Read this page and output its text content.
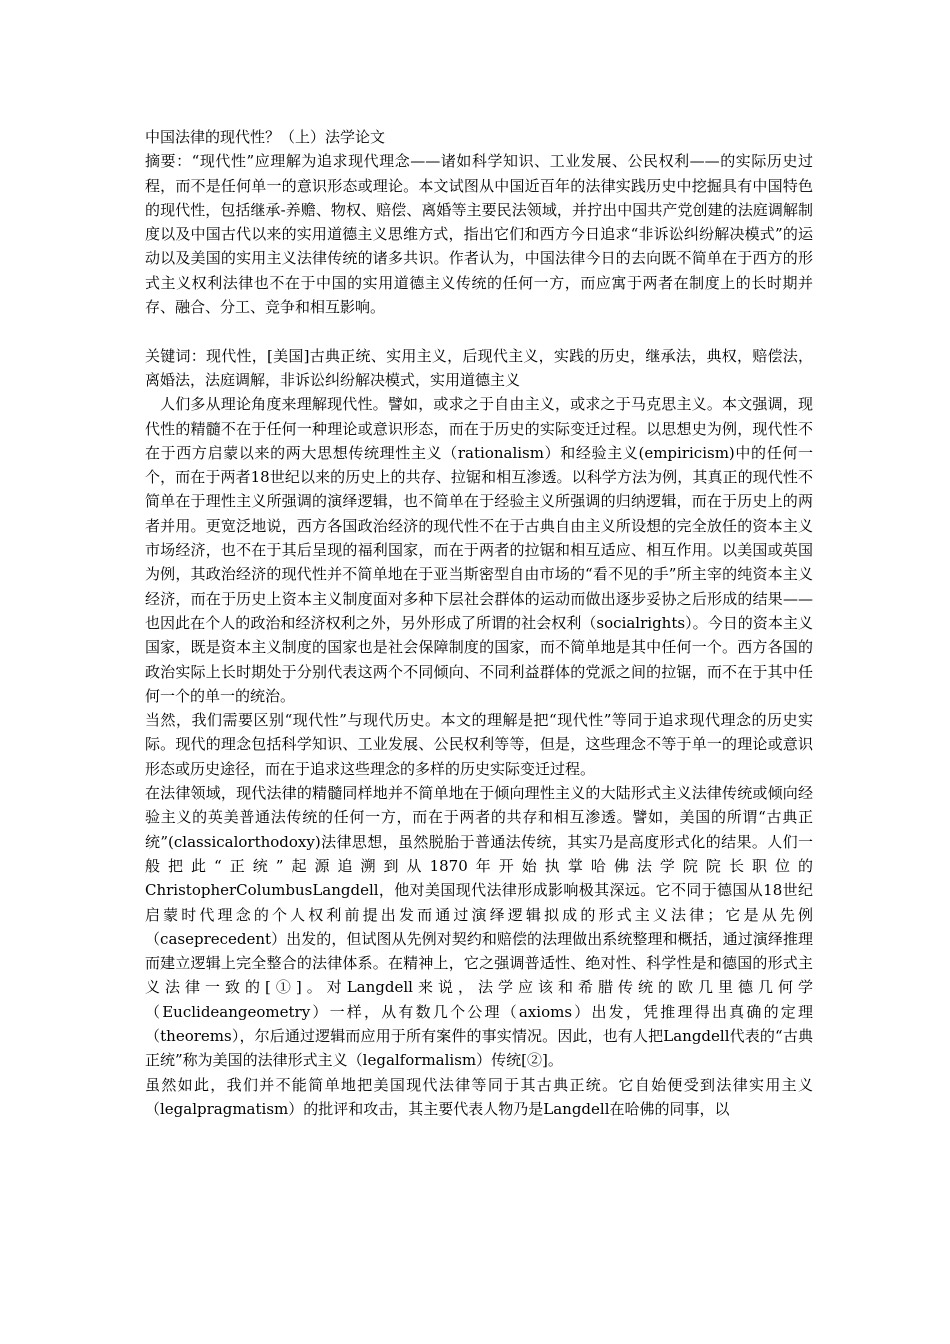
中国法律的现代性？（上）法学论文

摘要：“现代性”应理解为追求现代理念——诸如科学知识、工业发展、公民权利——的实际历史过程，而不是任何单一的意识形态或理论。本文试图从中国近百年的法律实践历史中挖掘具有中国特色的现代性，包括继承-养赡、物权、赔偿、离婚等主要民法领域，并拧出中国共产党创建的法庭调解制度以及中国古代以来的实用道德主义思维方式，指出它们和西方今日追求“非诉讼纠纷解决模式”的运动以及美国的实用主义法律传统的诸多共识。作者认为，中国法律今日的去向既不简单在于西方的形式主义权利法律也不在于中国的实用道德主义传统的任何一方，而应寓于两者在制度上的长时期并存、融合、分工、竞争和相互影响。

关键词：现代性，[美国]古典正统、实用主义，后现代主义，实践的历史，继承法，典权，赔偿法，离婚法，法庭调解，非诉讼纠纷解决模式，实用道德主义

人们多从理论角度来理解现代性。譬如，或求之于自由主义，或求之于马克思主义。本文强调，现代性的精髓不在于任何一种理论或意识形态，而在于历史的实际变迁过程。以思想史为例，现代性不在于西方启蒙以来的两大思想传统理性主义（rationalism）和经验主义(empiricism)中的任何一个，而在于两者18世纪以来的历史上的共存、拉锯和相互渗透。以科学方法为例，其真正的现代性不简单在于理性主义所强调的演绎逻辑，也不简单在于经验主义所强调的归纳逻辑，而在于历史上的两者并用。更宽泛地说，西方各国政治经济的现代性不在于古典自由主义所设想的完全放任的资本主义市场经济，也不在于其后呈现的福利国家，而在于两者的拉锯和相互适应、相互作用。以美国或英国为例，其政治经济的现代性并不简单地在于亚当斯密型自由市场的“看不见的手”所主宰的纯资本主义经济，而在于历史上资本主义制度面对多种下层社会群体的运动而做出逐步妥协之后形成的结果——也因此在个人的政治和经济权利之外，另外形成了所谓的社会权利（socialrights）。今日的资本主义国家，既是资本主义制度的国家也是社会保障制度的国家，而不简单地是其中任何一个。西方各国的政治实际上长时期处于分别代表这两个不同倾向、不同利益群体的党派之间的拉锯，而不在于其中任何一个的单一的统治。

当然，我们需要区别“现代性”与现代历史。本文的理解是把“现代性”等同于追求现代理念的历史实际。现代的理念包括科学知识、工业发展、公民权利等等，但是，这些理念不等于单一的理论或意识形态或历史途径，而在于追求这些理念的多样的历史实际变迁过程。

在法律领域，现代法律的精髓同样地并不简单地在于倾向理性主义的大陆形式主义法律传统或倾向经验主义的英美普通法传统的任何一方，而在于两者的共存和相互渗透。譬如，美国的所谓“古典正统”(classicalorthodoxy)法律思想，虽然脱胎于普通法传统，其实乃是高度形式化的结果。人们一般把此“正统”起源追溯到从1870年开始执掌哈佛法学院院长职位的ChristopherColumbusLangdell，他对美国现代法律形成影响极其深远。它不同于德国从18世纪启蒙时代理念的个人权利前提出发而通过演绎逻辑拟成的形式主义法律；它是从先例（caseprecedent）出发的，但试图从先例对契约和赔偿的法理做出系统整理和概括，通过演绎推理而建立逻辑上完全整合的法律体系。在精神上，它之强调普适性、绝对性、科学性是和德国的形式主义法律一致的[①]。对Langdell来说，法学应该和希腊传统的欧几里德几何学（Euclideangeometry）一样，从有数几个公理（axioms）出发，凭推理得出真确的定理（theorems），尔后通过逻辑而应用于所有案件的事实情况。因此，也有人把Langdell代表的“古典正统”称为美国的法律形式主义（legalformalism）传统[②]。

虽然如此，我们并不能简单地把美国现代法律等同于其古典正统。它自始便受到法律实用主义（legalpragmatism）的批评和攻击，其主要代表人物乃是Langdell在哈佛的同事，以
